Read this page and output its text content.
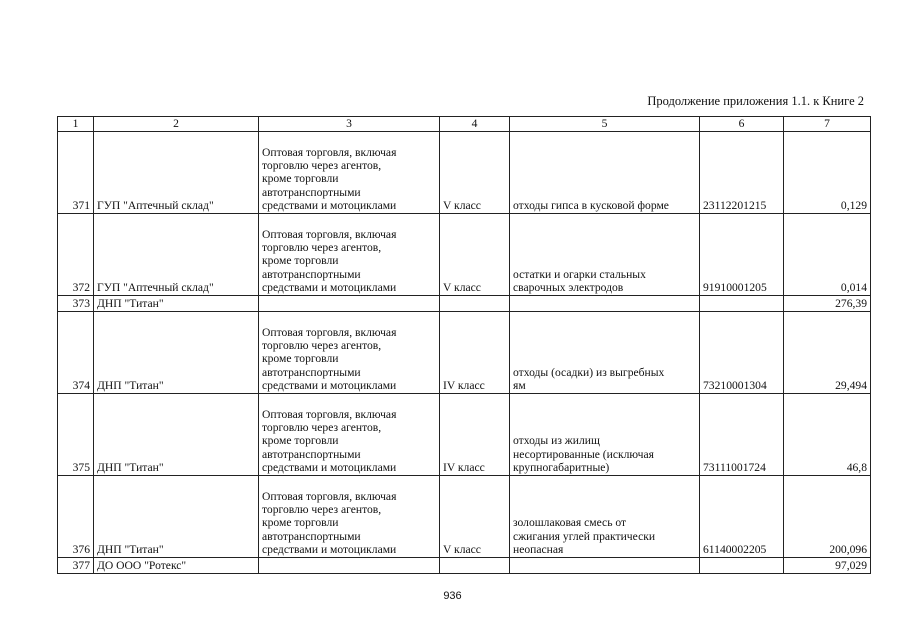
Продолжение приложения 1.1. к Книге 2
1	2	3	4	5	6	7
371	ГУП "Аптечный склад"	Оптовая торговля, включая
торговлю через агентов,
кроме торговли
автотранспортными
средствами и мотоциклами	V класс	отходы гипса в кусковой форме	23112201215	0,129
372	ГУП "Аптечный склад"	Оптовая торговля, включая
торговлю через агентов,
кроме торговли
автотранспортными
средствами и мотоциклами	V класс	остатки и огарки стальных
сварочных электродов	91910001205	0,014
373	ДНП "Титан"					276,39
374	ДНП "Титан"	Оптовая торговля, включая
торговлю через агентов,
кроме торговли
автотранспортными
средствами и мотоциклами	IV класс	отходы (осадки) из выгребных
ям	73210001304	29,494
375	ДНП "Титан"	Оптовая торговля, включая
торговлю через агентов,
кроме торговли
автотранспортными
средствами и мотоциклами	IV класс	отходы из жилищ
несортированные (исключая
крупногабаритные)	73111001724	46,8
376	ДНП "Титан"	Оптовая торговля, включая
торговлю через агентов,
кроме торговли
автотранспортными
средствами и мотоциклами	V класс	золошлаковая смесь от
сжигания углей практически
неопасная	61140002205	200,096
377	ДО ООО "Ротекс"					97,029
936
